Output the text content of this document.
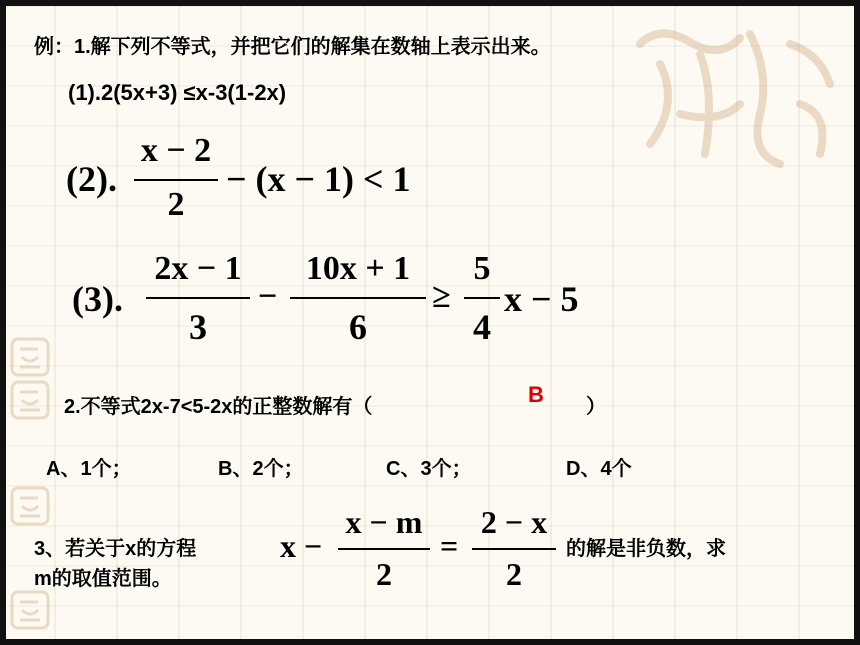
例：1.解下列不等式，并把它们的解集在数轴上表示出来。
(1).2(5x+3) ≤x-3(1-2x)
(2).
x − 2
2
− (x − 1) < 1
(3).
2x − 1
3
−
10x + 1
6
≥
5
4
x − 5
2.不等式2x-7<5-2x的正整数解有（	B ）
A、1个；	B、2个；	C、3个；	D、4个
3、若关于x的方程	x −
x − m
2
=
2 − x
2
的解是非负数，求
m的取值范围。
